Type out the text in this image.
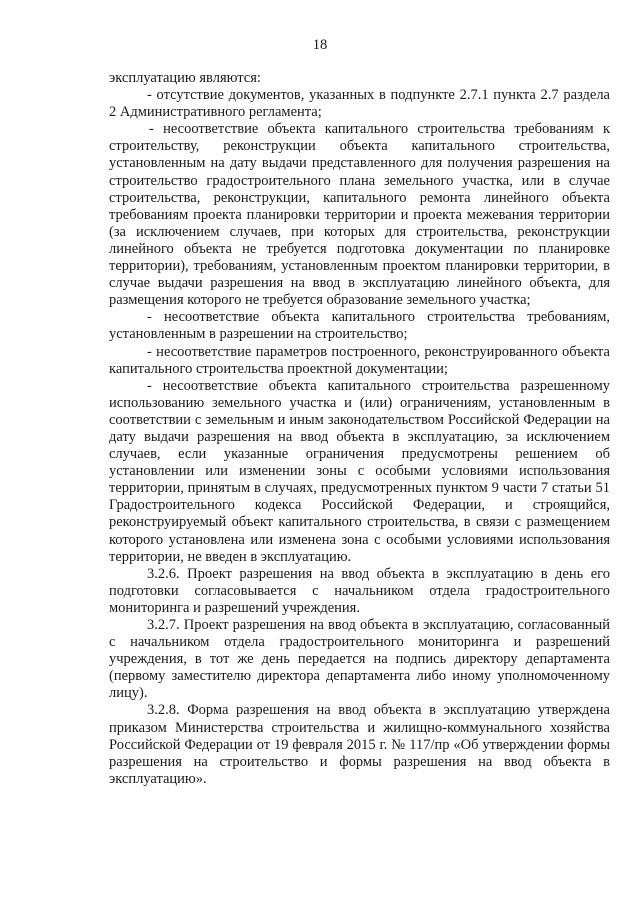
18

эксплуатацию являются:

- отсутствие документов, указанных в подпункте 2.7.1 пункта 2.7 раздела 2 Административного регламента;

- несоответствие объекта капитального строительства требованиям к строительству, реконструкции объекта капитального строительства, установленным на дату выдачи представленного для получения разрешения на строительство градостроительного плана земельного участка, или в случае строительства, реконструкции, капитального ремонта линейного объекта требованиям проекта планировки территории и проекта межевания территории (за исключением случаев, при которых для строительства, реконструкции линейного объекта не требуется подготовка документации по планировке территории), требованиям, установленным проектом планировки территории, в случае выдачи разрешения на ввод в эксплуатацию линейного объекта, для размещения которого не требуется образование земельного участка;

- несоответствие объекта капитального строительства требованиям, установленным в разрешении на строительство;

- несоответствие параметров построенного, реконструированного объекта капитального строительства проектной документации;

- несоответствие объекта капитального строительства разрешенному использованию земельного участка и (или) ограничениям, установленным в соответствии с земельным и иным законодательством Российской Федерации на дату выдачи разрешения на ввод объекта в эксплуатацию, за исключением случаев, если указанные ограничения предусмотрены решением об установлении или изменении зоны с особыми условиями использования территории, принятым в случаях, предусмотренных пунктом 9 части 7 статьи 51 Градостроительного кодекса Российской Федерации, и строящийся, реконструируемый объект капитального строительства, в связи с размещением которого установлена или изменена зона с особыми условиями использования территории, не введен в эксплуатацию.

3.2.6. Проект разрешения на ввод объекта в эксплуатацию в день его подготовки согласовывается с начальником отдела градостроительного мониторинга и разрешений учреждения.

3.2.7. Проект разрешения на ввод объекта в эксплуатацию, согласованный с начальником отдела градостроительного мониторинга и разрешений учреждения, в тот же день передается на подпись директору департамента (первому заместителю директора департамента либо иному уполномоченному лицу).

3.2.8. Форма разрешения на ввод объекта в эксплуатацию утверждена приказом Министерства строительства и жилищно-коммунального хозяйства Российской Федерации от 19 февраля 2015 г. № 117/пр «Об утверждении формы разрешения на строительство и формы разрешения на ввод объекта в эксплуатацию».
